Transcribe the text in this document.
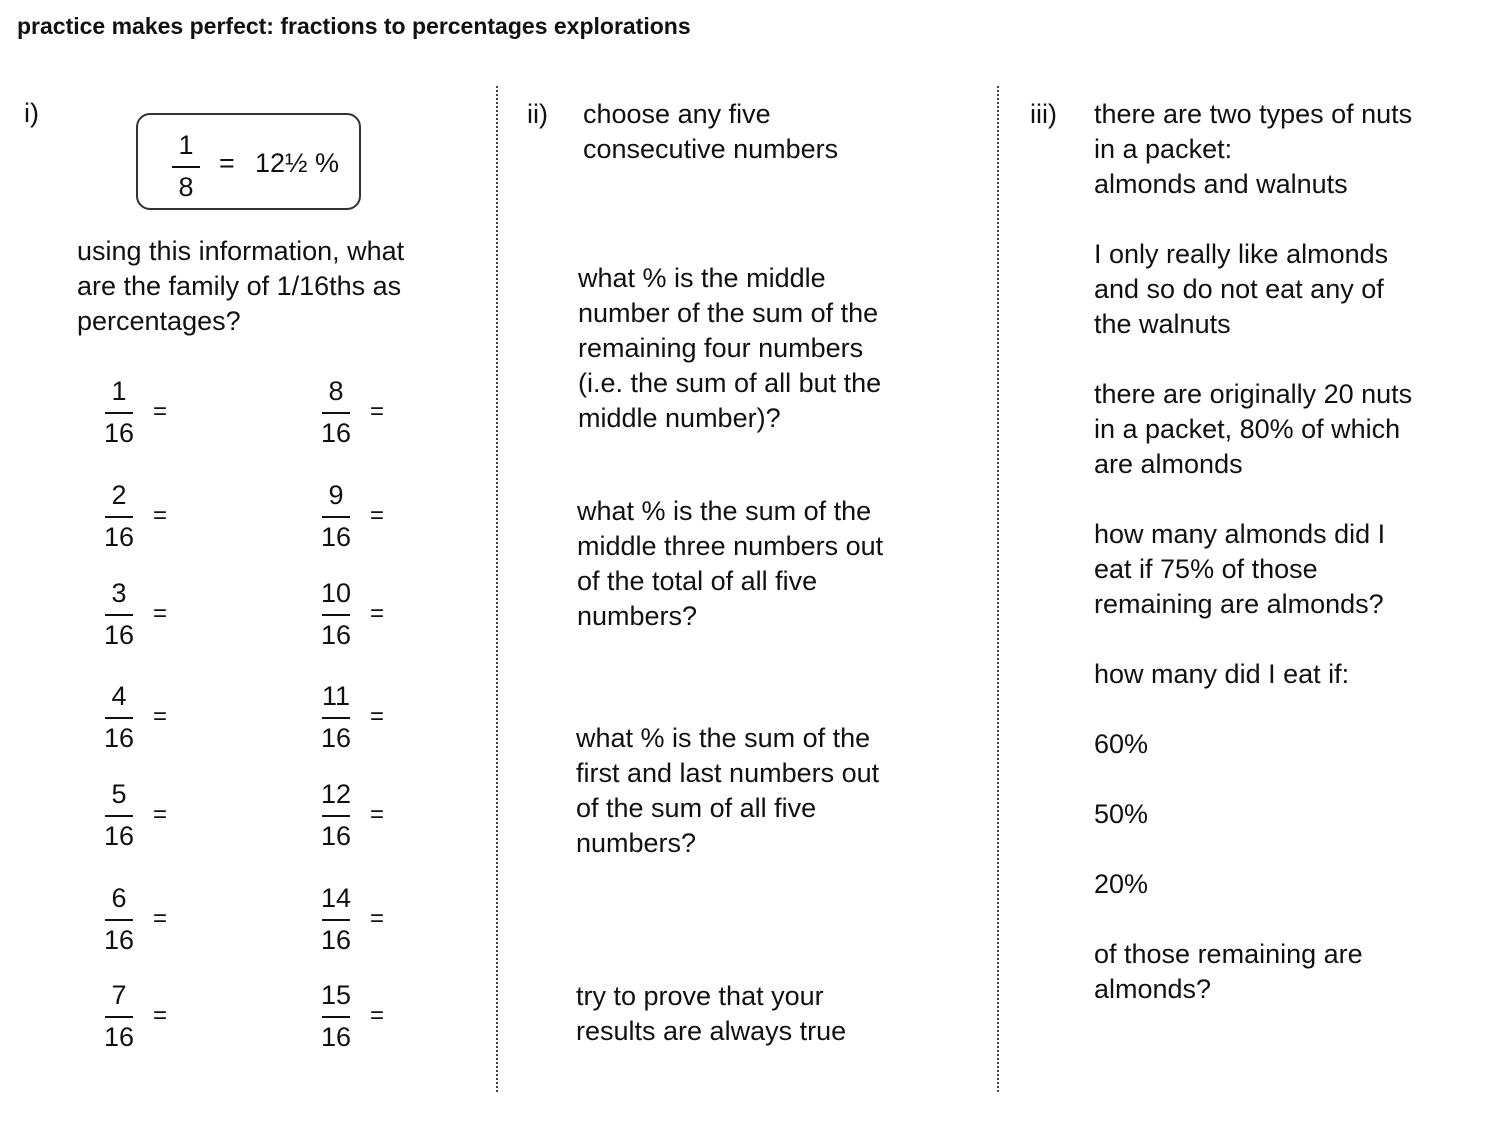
practice makes perfect: fractions to percentages explorations
i)
1
8
= 12½ %
using this information, what
are the family of 1/16ths as
percentages?
1
16
=
2
16
=
3
16
=
4
16
=
5
16
=
6
16
=
7
16
=
8
16
=
9
16
=
10
16
=
11
16
=
12
16
=
14
16
=
15
16
=
ii) choose any five
consecutive numbers
what % is the middle
number of the sum of the
remaining four numbers
(i.e. the sum of all but the
middle number)?
what % is the sum of the
middle three numbers out
of the total of all five
numbers?
what % is the sum of the
first and last numbers out
of the sum of all five
numbers?
try to prove that your
results are always true
iii) there are two types of nuts
in a packet:
almonds and walnuts
I only really like almonds
and so do not eat any of
the walnuts
there are originally 20 nuts
in a packet, 80% of which
are almonds
how many almonds did I
eat if 75% of those
remaining are almonds?
how many did I eat if:
60%
50%
20%
of those remaining are
almonds?
